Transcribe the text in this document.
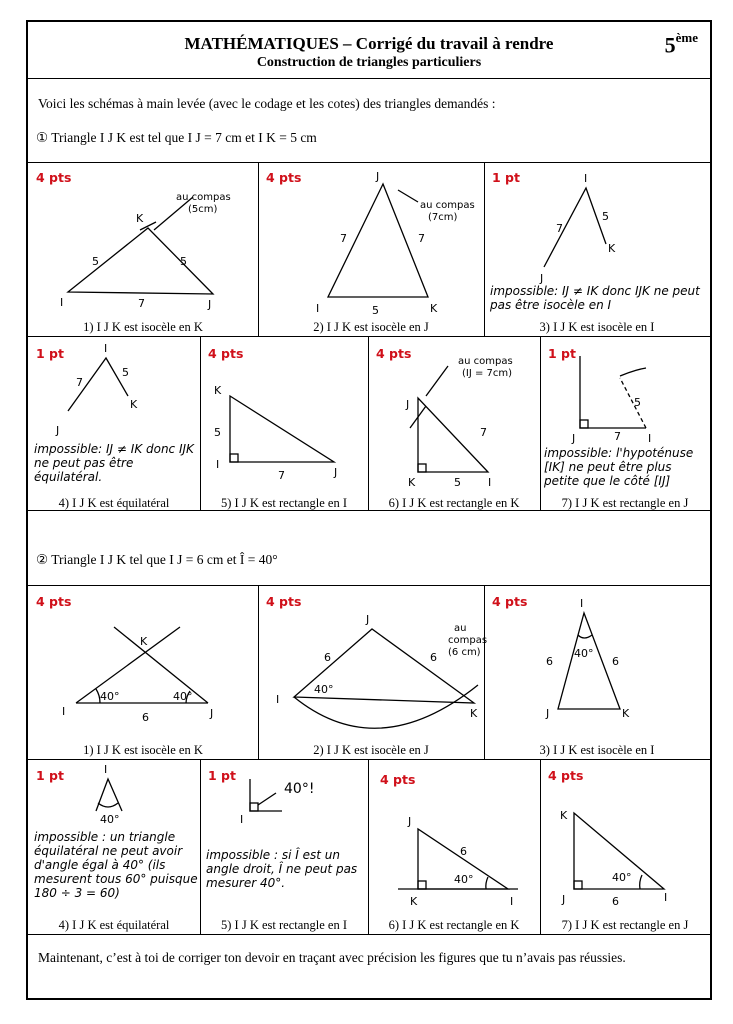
MATHÉMATIQUES – Corrigé du travail à rendre
Construction de triangles particuliers
5ème
Voici les schémas à main levée (avec le codage et les cotes) des triangles demandés :
① Triangle I J K est tel que I J = 7 cm et I K = 5 cm
4 pts	4 pts	1 pt
au compas
(5cm)
K
5	5
7
I	J
au compas
(7cm)
J
7	7
5
I	K
I
7
5
K
J
impossible: IJ ≠ IK donc IJK ne peut pas être isocèle en I
1) I J K est isocèle en K	2) I J K est isocèle en J	3) I J K est isocèle en I
1 pt	4 pts	4 pts	1 pt
I
7
5
K
J
impossible: IJ ≠ IK donc IJK ne peut pas être équilatéral.
K
5
I
7	J
au compas
(IJ = 7cm)
J
7
K	5 I
J	7 I
5
impossible: l'hypoténuse [IK] ne peut être plus petite que le côté [IJ]
4) I J K est équilatéral	5) I J K est rectangle en I	6) I J K est rectangle en K	7) I J K est rectangle en J
② Triangle I J K tel que I J = 6 cm et Î = 40°
4 pts	4 pts	4 pts
K
40°	40°
I	6	J
J
6	6
40°
I
K
au
compas
(6 cm)
I
40°
6	6
J	K
1) I J K est isocèle en K	2) I J K est isocèle en J	3) I J K est isocèle en I
1 pt	1 pt	4 pts	4 pts
I
40°
impossible : un triangle équilatéral ne peut avoir d'angle égal à 40° (ils mesurent tous 60° puisque 180 ÷ 3 = 60)
40°!
I
impossible : si Î est un angle droit, Î ne peut pas mesurer 40°.
J
6
40°
K	I
K
40°
J	6	I
4) I J K est équilatéral	5) I J K est rectangle en I	6) I J K est rectangle en K	7) I J K est rectangle en J
Maintenant, c’est à toi de corriger ton devoir en traçant avec précision les figures que tu n’avais pas réussies.
